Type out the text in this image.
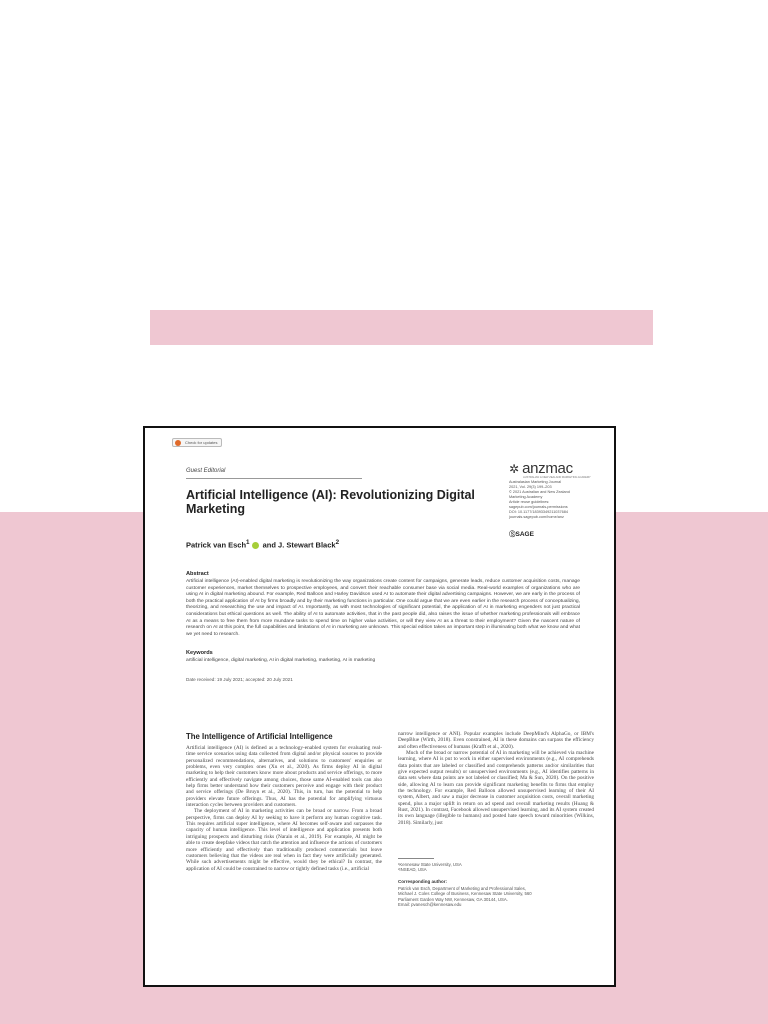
Check for updates
Guest Editorial
Artificial Intelligence (AI): Revolutionizing Digital Marketing
Patrick van Esch$^1$ and J. Stewart Black$^2$
✲ anzmac
AUSTRALIAN & NEW ZEALAND MARKETING ACADEMY
Australasian Marketing Journal
2021, Vol. 29(3) 199–203
© 2021 Australian and New Zealand
Marketing Academy
Article reuse guidelines:
sagepub.com/journals-permissions
DOI: 10.1177/18393349211037684
journals.sagepub.com/home/anz
ⓈSAGE
Abstract
Artificial intelligence (AI)-enabled digital marketing is revolutionizing the way organizations create content for campaigns, generate leads, reduce customer acquisition costs, manage customer experiences, market themselves to prospective employees, and convert their reachable consumer base via social media. Real-world examples of organizations who are using AI in digital marketing abound. For example, Red Balloon and Harley Davidson used AI to automate their digital advertising campaigns. However, we are early in the process of both the practical application of AI by firms broadly and by their marketing functions in particular. One could argue that we are even earlier in the research process of conceptualizing, theorizing, and researching the use and impact of AI. Importantly, as with most technologies of significant potential, the application of AI in marketing engenders not just practical considerations but ethical questions as well. The ability of AI to automate activities, that in the past people did, also raises the issue of whether marketing professionals will embrace AI as a means to free them from more mundane tasks to spend time on higher value activities, or will they view AI as a threat to their employment? Given the nascent nature of research on AI at this point, the full capabilities and limitations of AI in marketing are unknown. This special edition takes an important step in illuminating both what we know and what we yet need to research.
Keywords
artificial intelligence, digital marketing, AI in digital marketing, marketing, AI in marketing
Date received: 19 July 2021; accepted: 20 July 2021
The Intelligence of Artificial Intelligence

Artificial intelligence (AI) is defined as a technology-enabled system for evaluating real-time service scenarios using data collected from digital and/or physical sources to provide personalized recommendations, alternatives, and solutions to customers' enquiries or problems, even very complex ones (Xu et al., 2020). As firms deploy AI in digital marketing to help their customers know more about products and service offerings, to more efficiently and effectively navigate among choices, those same AI-enabled tools can also help firms better understand how their customers perceive and engage with their product and service offerings (De Bruyn et al., 2020). This, in turn, has the potential to help providers elevate future offerings. Thus, AI has the potential for amplifying virtuous interaction cycles between providers and customers.

The deployment of AI in marketing activities can be broad or narrow. From a broad perspective, firms can deploy AI by seeking to have it perform any human cognitive task. This requires artificial super intelligence, where AI becomes self-aware and surpasses the capacity of human intelligence. This level of intelligence and application presents both intriguing prospects and disturbing risks (Narain et al., 2019). For example, AI might be able to create deepfake videos that catch the attention and influence the actions of customers more efficiently and effectively than traditionally produced commercials but leave customers believing that the videos are real when in fact they were artificially generated. While such advertisements might be effective, would they be ethical? In contrast, the application of AI could be constrained to narrow or tightly defined tasks (i.e., artificial

narrow intelligence or ANI). Popular examples include DeepMind's AlphaGo, or IBM's DeepBlue (Wirth, 2018). Even constrained, AI in these domains can surpass the efficiency and often effectiveness of humans (Krafft et al., 2020).

Much of the broad or narrow potential of AI in marketing will be achieved via machine learning, where AI is put to work in either supervised environments (e.g., AI comprehends data points that are labeled or classified and comprehends patterns and/or similarities that give expected output results) or unsupervised environments (e.g., AI identifies patterns in data sets where data points are not labeled or classified; Ma & Sun, 2020). On the positive side, allowing AI to learn can provide significant marketing benefits to firms that employ the technology. For example, Red Balloon allowed unsupervised learning of their AI system, Albert, and saw a major decrease in customer acquisition costs, overall marketing spend, plus a major uplift in return on ad spend and overall marketing results (Huang & Rust, 2021). In contrast, Facebook allowed unsupervised learning, and its AI system created its own language (illegible to humans) and posted hate speech toward minorities (Wilkins, 2018). Similarly, just

¹Kennesaw State University, USA
²INSEAD, USA
Corresponding author:
Patrick van Esch, Department of Marketing and Professional Sales,
Michael J. Coles College of Business, Kennesaw State University, 560
Parliament Garden Way NW, Kennesaw, GA 30144, USA.
Email: pvanesch@kennesaw.edu
